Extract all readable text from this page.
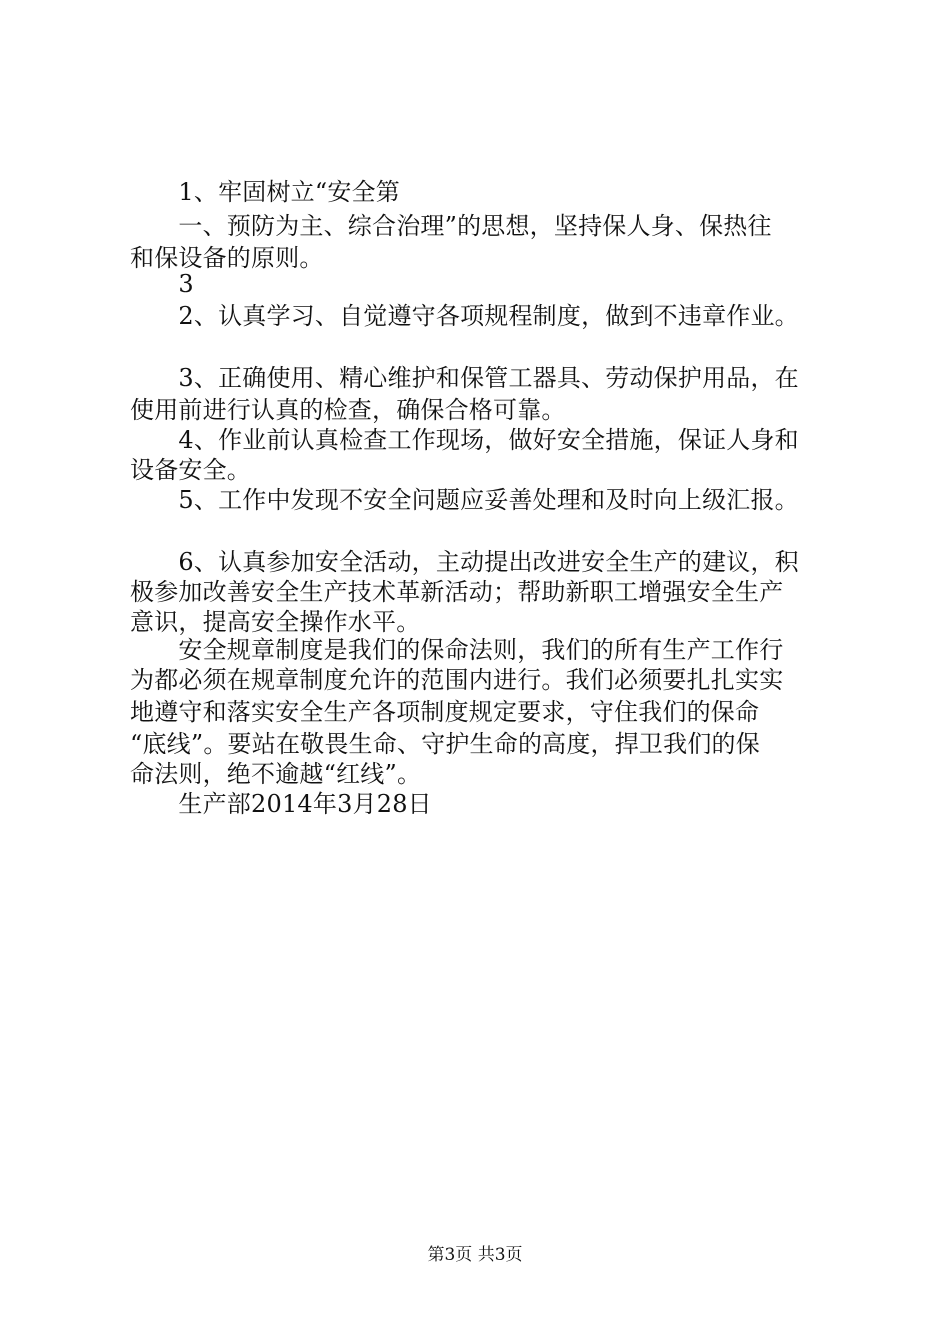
　　1、牢固树立“安全第
　　一、预防为主、综合治理”的思想，坚持保人身、保热往
和保设备的原则。
　　3
　　2、认真学习、自觉遵守各项规程制度，做到不违章作业。
　　3、正确使用、精心维护和保管工器具、劳动保护用品，在
使用前进行认真的检查，确保合格可靠。
　　4、作业前认真检查工作现场，做好安全措施，保证人身和
设备安全。
　　5、工作中发现不安全问题应妥善处理和及时向上级汇报。
　　6、认真参加安全活动，主动提出改进安全生产的建议，积
极参加改善安全生产技术革新活动；帮助新职工增强安全生产
意识，提高安全操作水平。
　　安全规章制度是我们的保命法则，我们的所有生产工作行
为都必须在规章制度允许的范围内进行。我们必须要扎扎实实
地遵守和落实安全生产各项制度规定要求，守住我们的保命
“底线”。要站在敬畏生命、守护生命的高度，捍卫我们的保
命法则，绝不逾越“红线”。
　　生产部2014年3月28日
第3页 共3页
